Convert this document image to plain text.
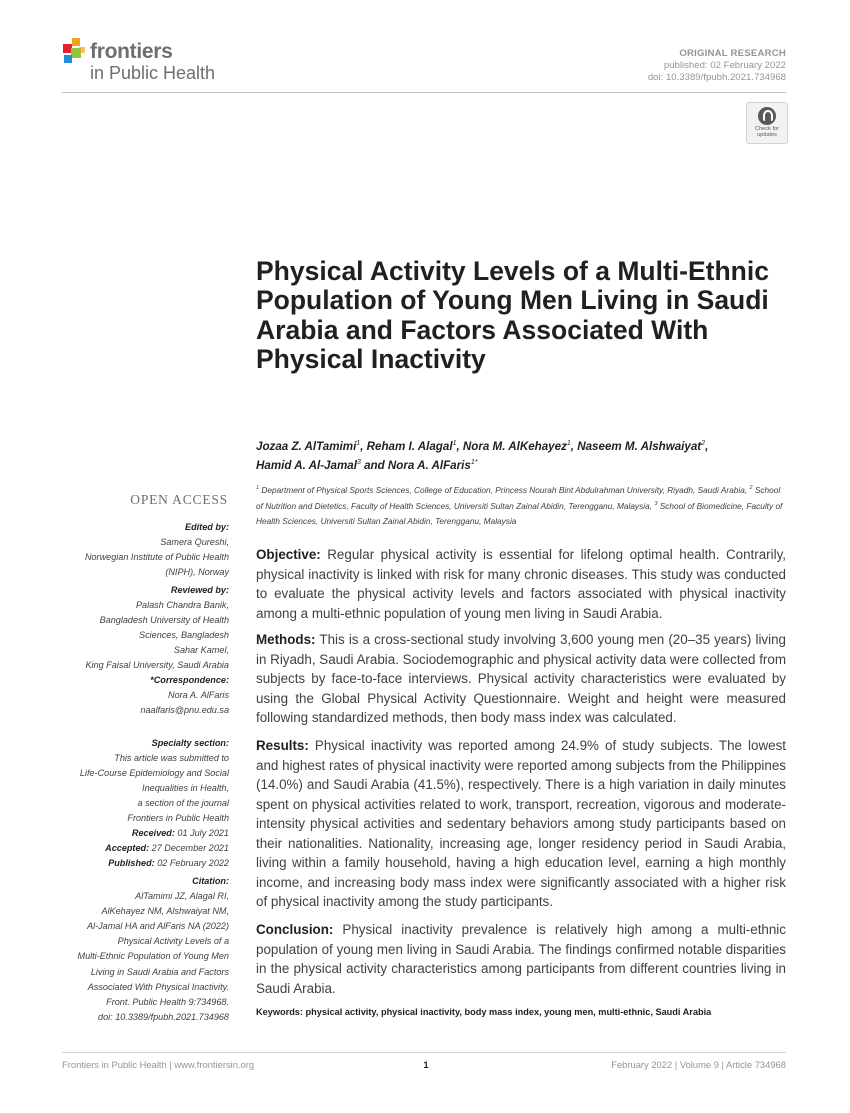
frontiers
in Public Health
ORIGINAL RESEARCH
published: 02 February 2022
doi: 10.3389/fpubh.2021.734968
Check for
updates
Physical Activity Levels of a Multi-Ethnic Population of Young Men Living in Saudi Arabia and Factors Associated With Physical Inactivity
Jozaa Z. AlTamimi$^1$, Reham I. Alagal$^1$, Nora M. AlKehayez$^1$, Naseem M. Alshwaiyat$^2$,
Hamid A. Al-Jamal$^3$ and Nora A. AlFaris$^{1*}$
$^1$ Department of Physical Sports Sciences, College of Education, Princess Nourah Bint Abdulrahman University, Riyadh, Saudi Arabia, $^2$ School of Nutrition and Dietetics, Faculty of Health Sciences, Universiti Sultan Zainal Abidin, Terengganu, Malaysia, $^3$ School of Biomedicine, Faculty of Health Sciences, Universiti Sultan Zainal Abidin, Terengganu, Malaysia
OPEN ACCESS

Edited by:

Samera Qureshi,

Norwegian Institute of Public Health

(NIPH), Norway

Reviewed by:

Palash Chandra Banik,

Bangladesh University of Health

Sciences, Bangladesh

Sahar Kamel,

King Faisal University, Saudi Arabia

*Correspondence:

Nora A. AlFaris

naalfaris@pnu.edu.sa

Specialty section:

This article was submitted to

Life-Course Epidemiology and Social

Inequalities in Health,

a section of the journal

Frontiers in Public Health

Received: 01 July 2021

Accepted: 27 December 2021

Published: 02 February 2022

Citation:

AlTamimi JZ, Alagal RI,

AlKehayez NM, Alshwaiyat NM,

Al-Jamal HA and AlFaris NA (2022)

Physical Activity Levels of a

Multi-Ethnic Population of Young Men

Living in Saudi Arabia and Factors

Associated With Physical Inactivity.

Front. Public Health 9:734968.

doi: 10.3389/fpubh.2021.734968

Objective: Regular physical activity is essential for lifelong optimal health. Contrarily, physical inactivity is linked with risk for many chronic diseases. This study was conducted to evaluate the physical activity levels and factors associated with physical inactivity among a multi-ethnic population of young men living in Saudi Arabia.
Methods: This is a cross-sectional study involving 3,600 young men (20–35 years) living in Riyadh, Saudi Arabia. Sociodemographic and physical activity data were collected from subjects by face-to-face interviews. Physical activity characteristics were evaluated by using the Global Physical Activity Questionnaire. Weight and height were measured following standardized methods, then body mass index was calculated.
Results: Physical inactivity was reported among 24.9% of study subjects. The lowest and highest rates of physical inactivity were reported among subjects from the Philippines (14.0%) and Saudi Arabia (41.5%), respectively. There is a high variation in daily minutes spent on physical activities related to work, transport, recreation, vigorous and moderate-intensity physical activities and sedentary behaviors among study participants based on their nationalities. Nationality, increasing age, longer residency period in Saudi Arabia, living within a family household, having a high education level, earning a high monthly income, and increasing body mass index were significantly associated with a higher risk of physical inactivity among the study participants.
Conclusion: Physical inactivity prevalence is relatively high among a multi-ethnic population of young men living in Saudi Arabia. The findings confirmed notable disparities in the physical activity characteristics among participants from different countries living in Saudi Arabia.
Keywords: physical activity, physical inactivity, body mass index, young men, multi-ethnic, Saudi Arabia
Frontiers in Public Health | www.frontiersin.org	1	February 2022 | Volume 9 | Article 734968
